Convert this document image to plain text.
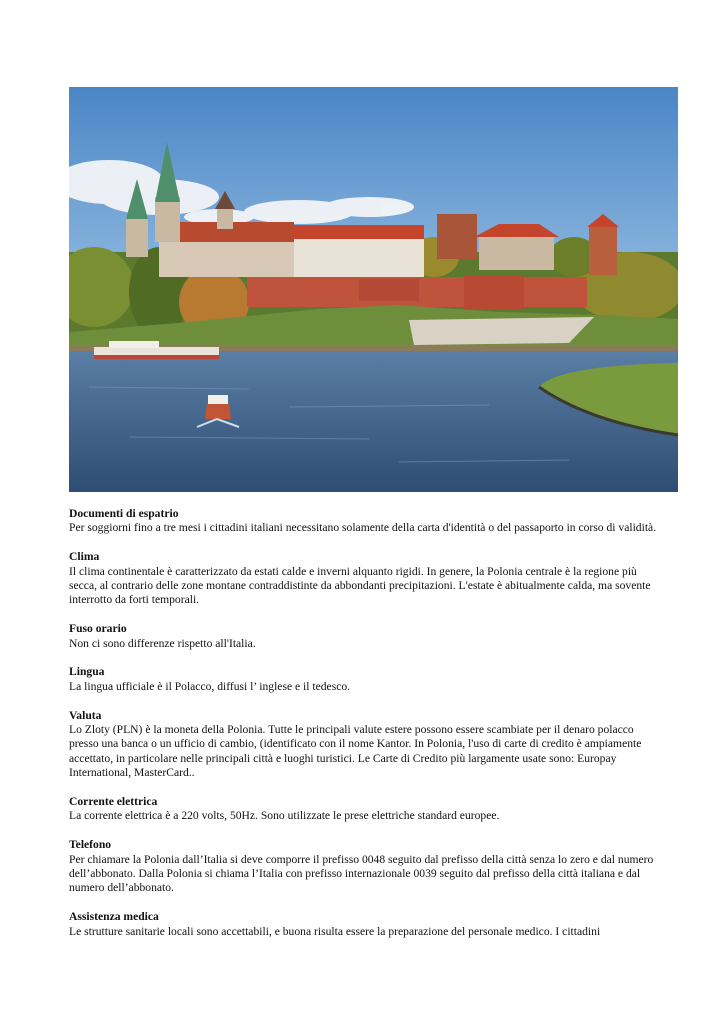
Documenti di espatrio

Per soggiorni fino a tre mesi i cittadini italiani necessitano solamente della carta d'identità o del passaporto in corso di validità.

Clima

Il clima continentale è caratterizzato da estati calde e inverni alquanto rigidi. In genere, la Polonia centrale è la regione più secca, al contrario delle zone montane contraddistinte da abbondanti precipitazioni. L'estate è abitualmente calda, ma sovente interrotto da forti temporali.

Fuso orario

Non ci sono differenze rispetto all'Italia.

Lingua

La lingua ufficiale è il Polacco, diffusi l’ inglese e il tedesco.

Valuta

Lo Zloty (PLN) è la moneta della Polonia. Tutte le principali valute estere possono essere scambiate per il denaro polacco presso una banca o un ufficio di cambio, (identificato con il nome Kantor. In Polonia, l'uso di carte di credito è ampiamente accettato, in particolare nelle principali città e luoghi turistici. Le Carte di Credito più largamente usate sono: Europay International, MasterCard..

Corrente elettrica

La corrente elettrica è a 220 volts, 50Hz. Sono utilizzate le prese elettriche standard europee.

Telefono

Per chiamare la Polonia dall’Italia si deve comporre il prefisso 0048 seguito dal prefisso della città senza lo zero e dal numero dell’abbonato. Dalla Polonia si chiama l’Italia con prefisso internazionale 0039 seguito dal prefisso della città italiana e dal numero dell’abbonato.

Assistenza medica

Le strutture sanitarie locali sono accettabili, e buona risulta essere la preparazione del personale medico. I cittadini
